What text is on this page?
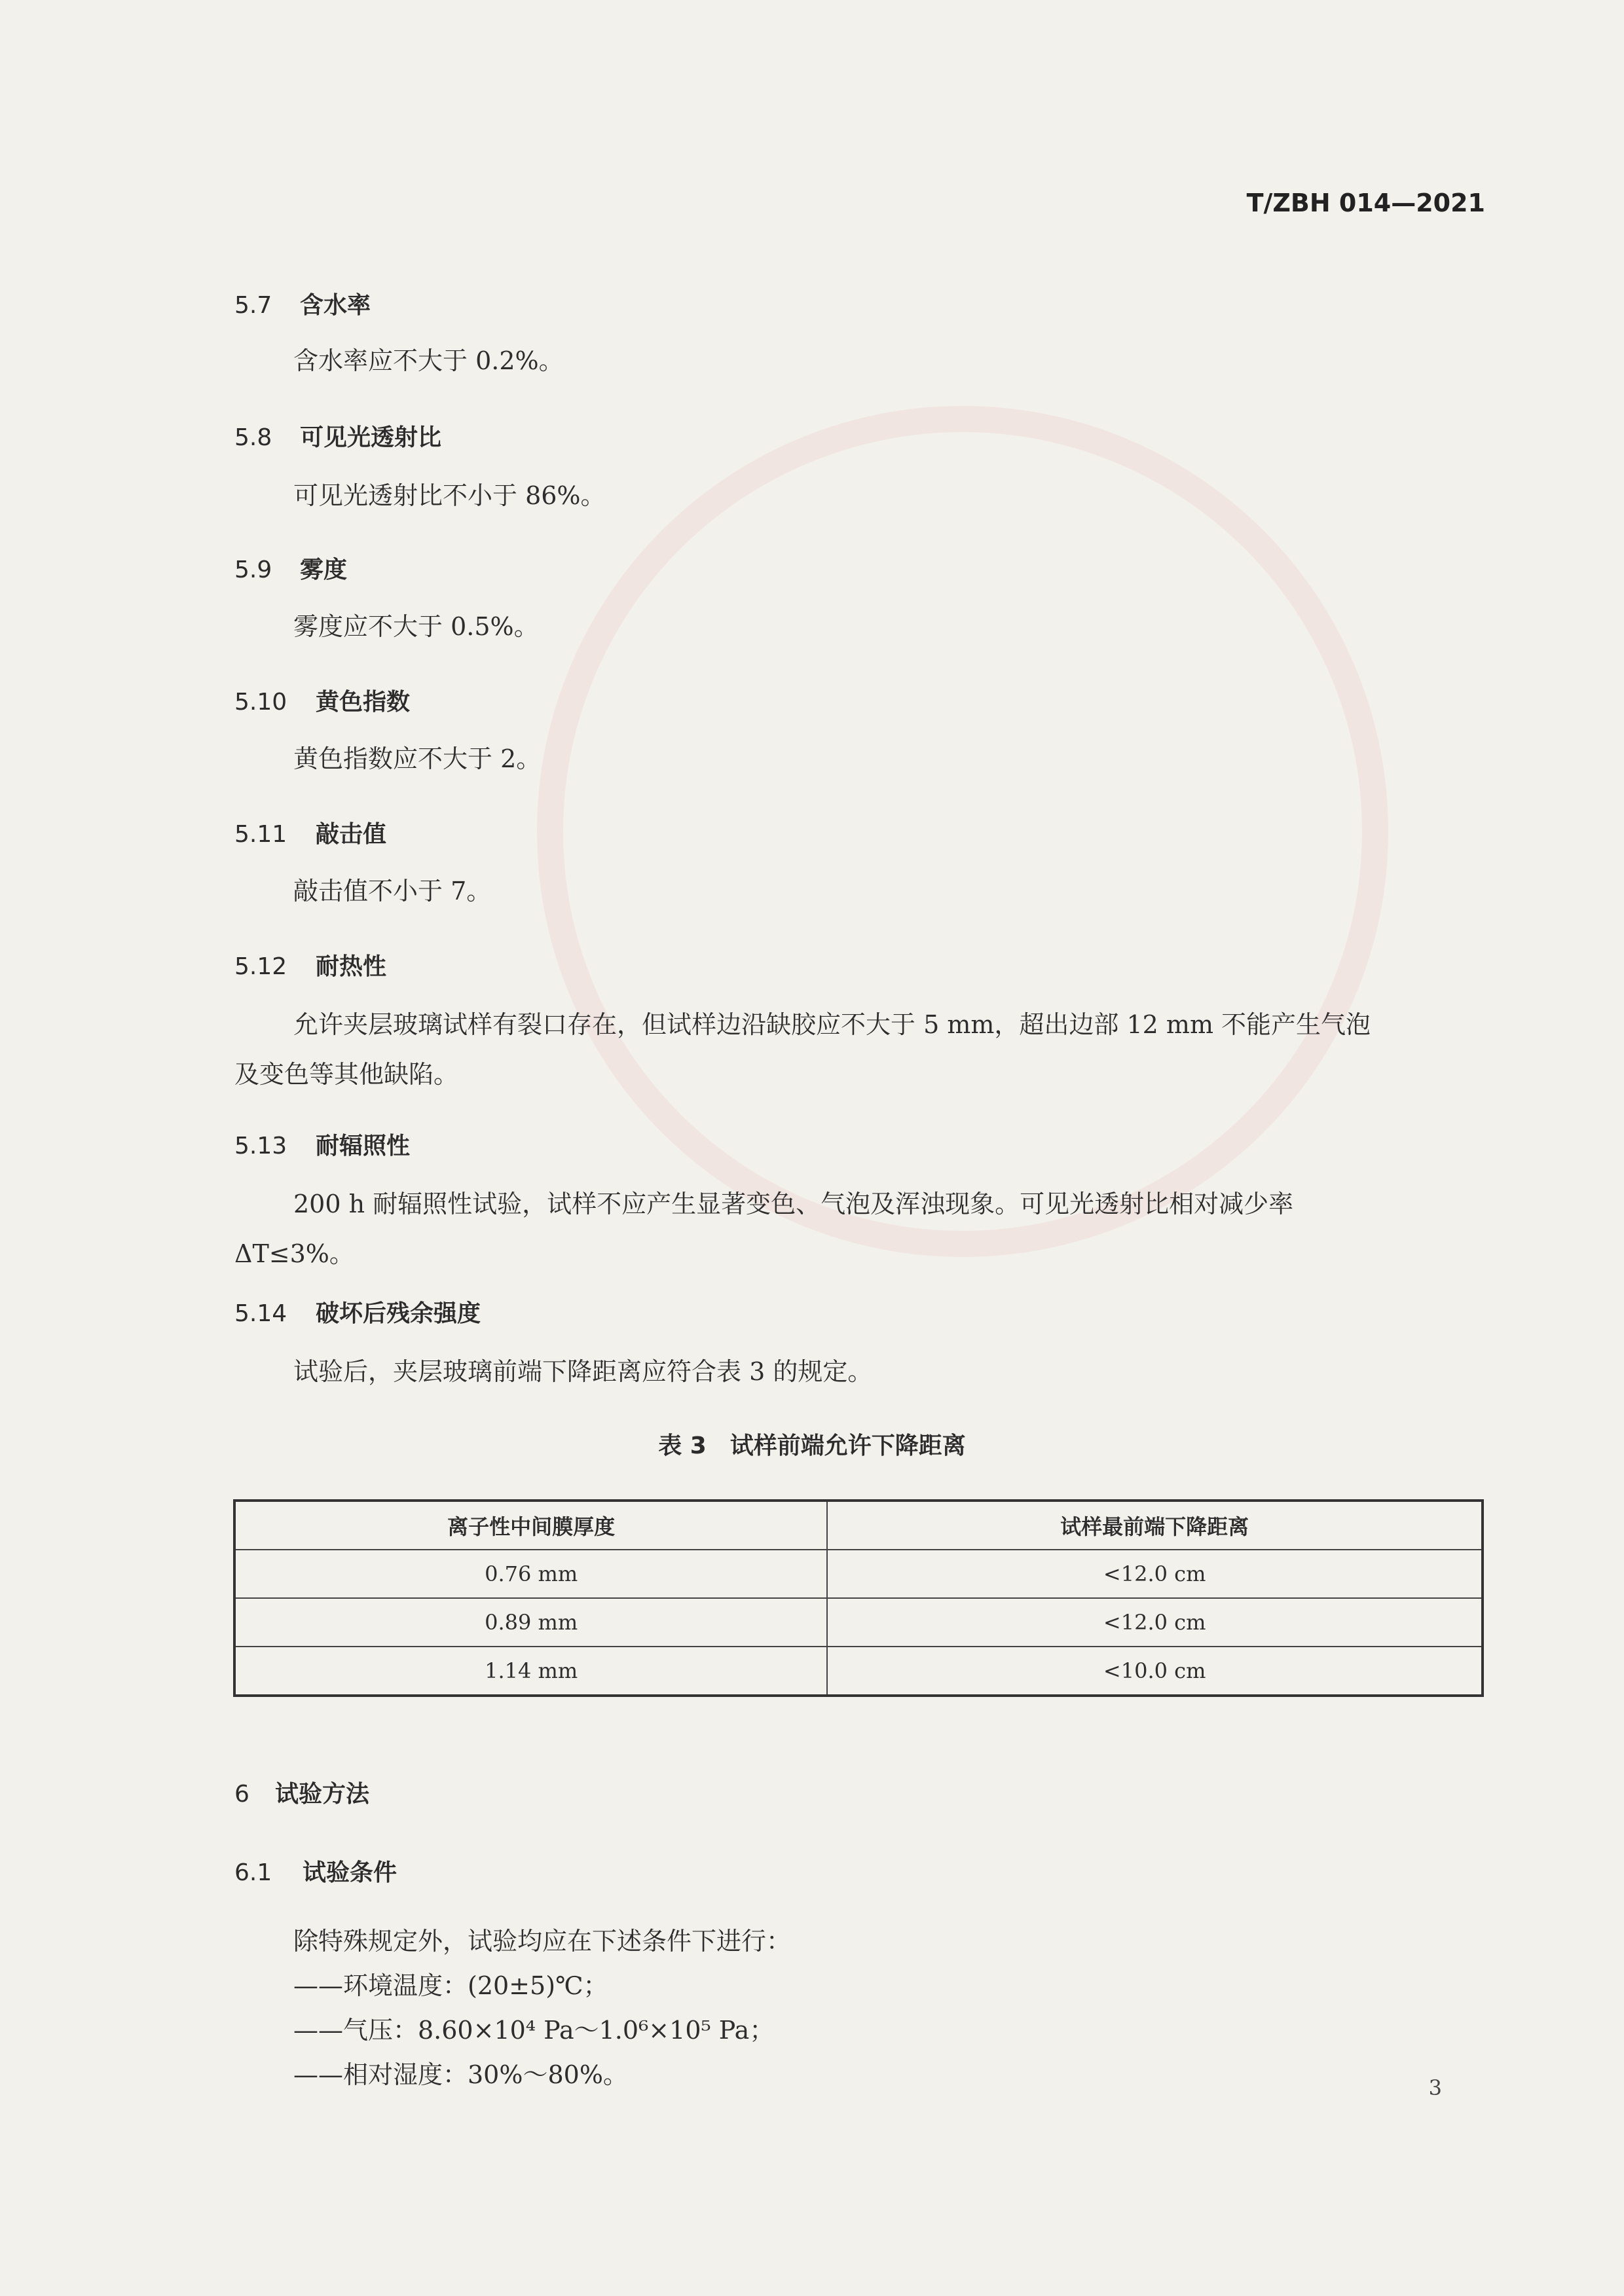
T/ZBH 014—2021
5.7 含水率
含水率应不大于 0.2%。
5.8 可见光透射比
可见光透射比不小于 86%。
5.9 雾度
雾度应不大于 0.5%。
5.10 黄色指数
黄色指数应不大于 2。
5.11 敲击值
敲击值不小于 7。
5.12 耐热性
允许夹层玻璃试样有裂口存在，但试样边沿缺胶应不大于 5 mm，超出边部 12 mm 不能产生气泡
及变色等其他缺陷。
5.13 耐辐照性
200 h 耐辐照性试验，试样不应产生显著变色、气泡及浑浊现象。可见光透射比相对减少率
ΔT≤3%。
5.14 破坏后残余强度
试验后，夹层玻璃前端下降距离应符合表 3 的规定。
表 3　试样前端允许下降距离
离子性中间膜厚度	试样最前端下降距离
0.76 mm	<12.0 cm
0.89 mm	<12.0 cm
1.14 mm	<10.0 cm
6 试验方法
6.1 试验条件
除特殊规定外，试验均应在下述条件下进行：
——环境温度：(20±5)℃；
——气压：8.60×10⁴ Pa～1.0⁶×10⁵ Pa；
——相对湿度：30%～80%。	3
